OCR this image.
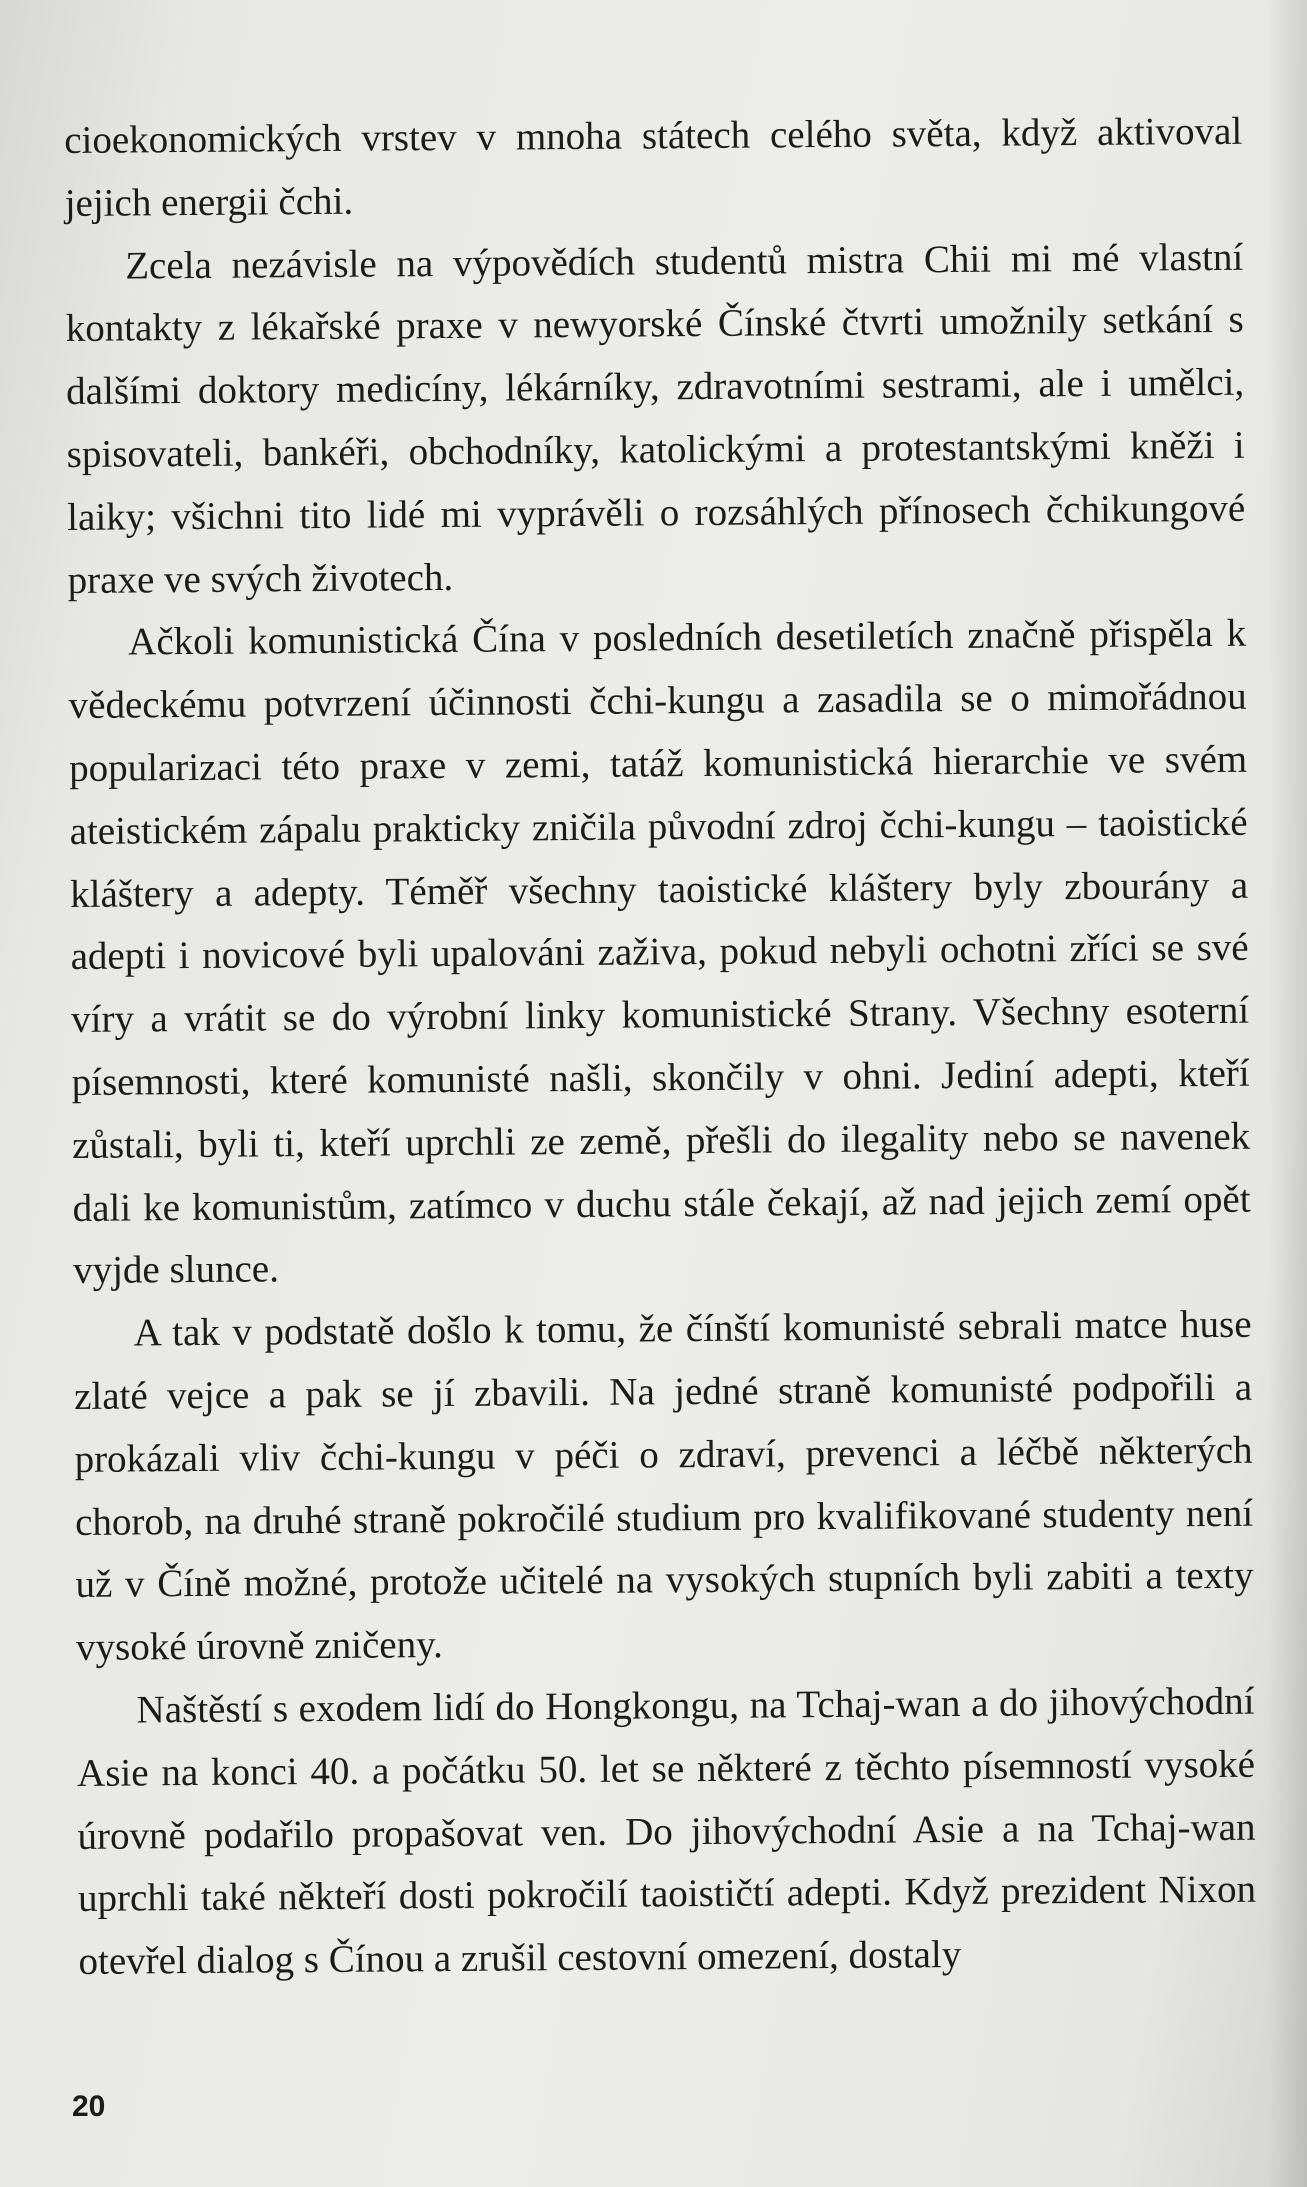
cioekonomických vrstev v mnoha státech celého světa, když aktivoval jejich energii čchi.

Zcela nezávisle na výpovědích studentů mistra Chii mi mé vlastní kontakty z lékařské praxe v newyorské Čínské čtvrti umožnily setkání s dalšími doktory medicíny, lékárníky, zdravotními sestrami, ale i umělci, spisovateli, bankéři, obchodníky, katolickými a protestantskými kněži i laiky; všichni tito lidé mi vyprávěli o rozsáhlých přínosech čchikungové praxe ve svých životech.

Ačkoli komunistická Čína v posledních desetiletích značně přispěla k vědeckému potvrzení účinnosti čchi-kungu a zasadila se o mimořádnou popularizaci této praxe v zemi, tatáž komunistická hierarchie ve svém ateistickém zápalu prakticky zničila původní zdroj čchi-kungu – taoistické kláštery a adepty. Téměř všechny taoistické kláštery byly zbourány a adepti i novicové byli upalováni zaživa, pokud nebyli ochotni zříci se své víry a vrátit se do výrobní linky komunistické Strany. Všechny esoterní písemnosti, které komunisté našli, skončily v ohni. Jediní adepti, kteří zůstali, byli ti, kteří uprchli ze země, přešli do ilegality nebo se navenek dali ke komunistům, zatímco v duchu stále čekají, až nad jejich zemí opět vyjde slunce.

A tak v podstatě došlo k tomu, že čínští komunisté sebrali matce huse zlaté vejce a pak se jí zbavili. Na jedné straně komunisté podpořili a prokázali vliv čchi-kungu v péči o zdraví, prevenci a léčbě některých chorob, na druhé straně pokročilé studium pro kvalifikované studenty není už v Číně možné, protože učitelé na vysokých stupních byli zabiti a texty vysoké úrovně zničeny.

Naštěstí s exodem lidí do Hongkongu, na Tchaj-wan a do jihovýchodní Asie na konci 40. a počátku 50. let se některé z těchto písemností vysoké úrovně podařilo propašovat ven. Do jihovýchodní Asie a na Tchaj-wan uprchli také někteří dosti pokročilí taoističtí adepti. Když prezident Nixon otevřel dialog s Čínou a zrušil cestovní omezení, dostaly

20
